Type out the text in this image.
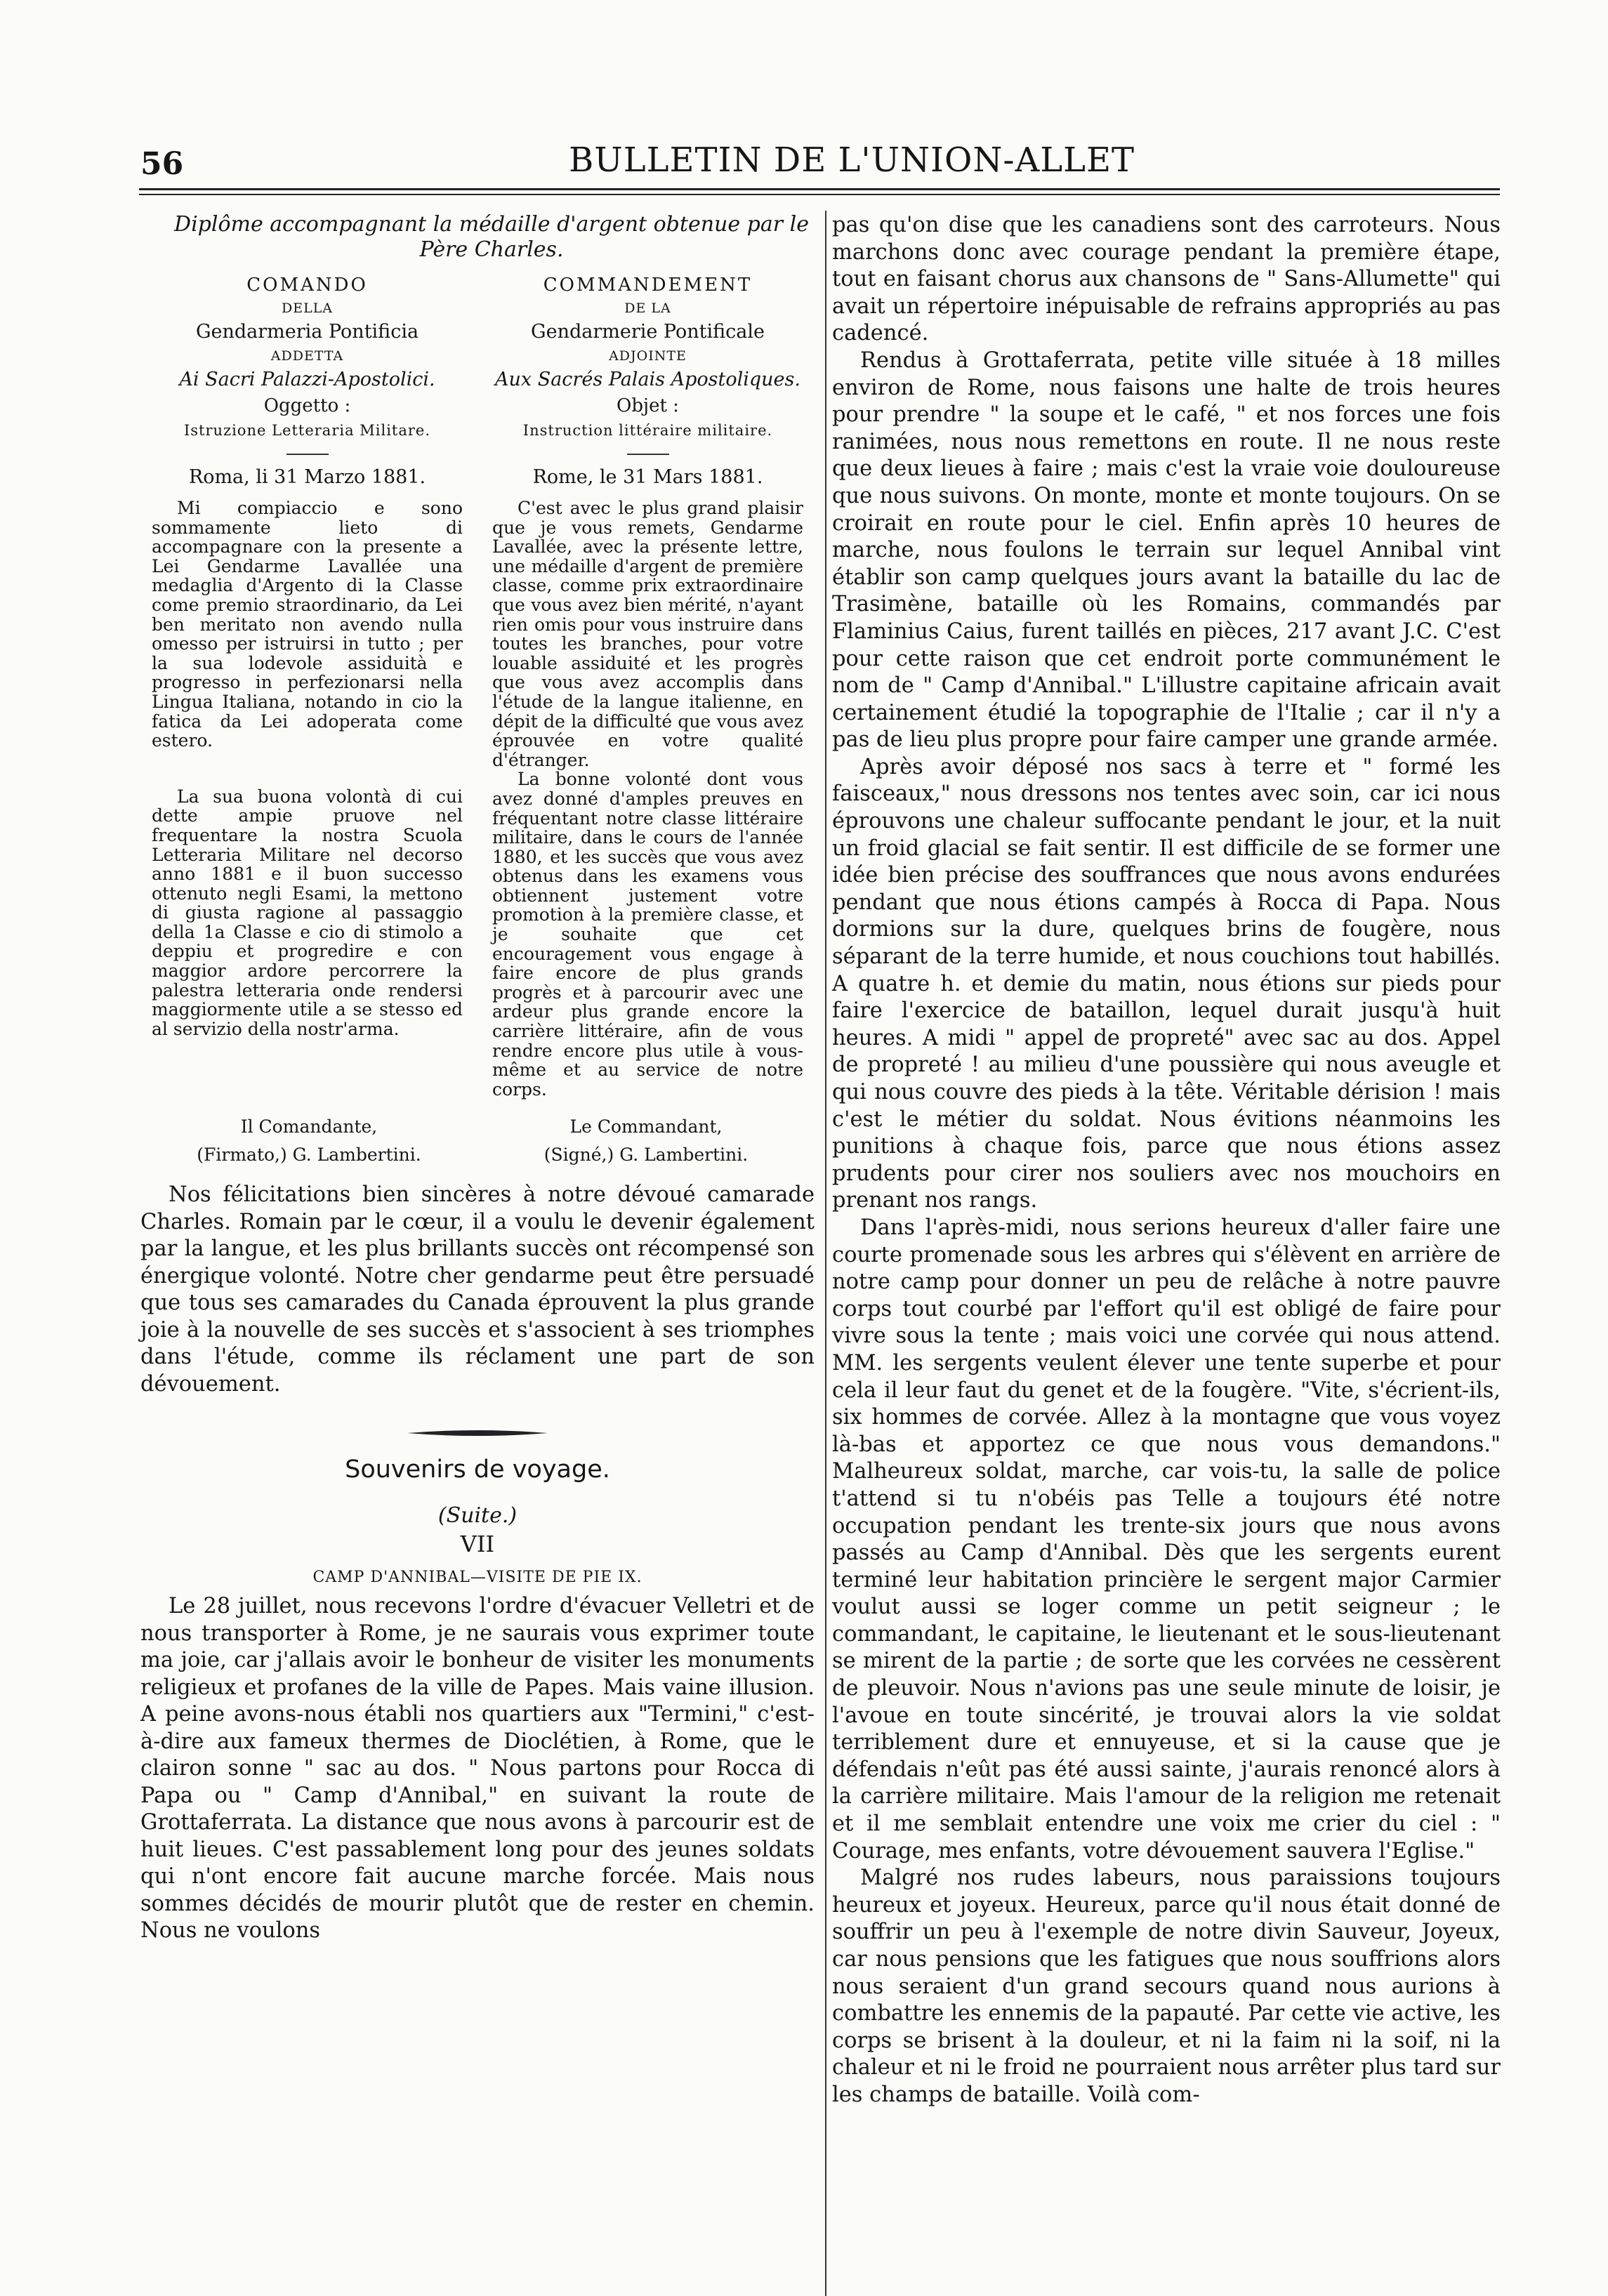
56	BULLETIN DE L'UNION-ALLET

Diplôme accompagnant la médaille d'argent obtenue par le Père Charles.

COMANDO	COMMANDEMENT
DELLA	DE LA
Gendarmeria Pontificia	Gendarmerie Pontificale
ADDETTA	ADJOINTE
Ai Sacri Palazzi-Apostolici.	Aux Sacrés Palais Apostoliques.
Oggetto :	Objet :
Istruzione Letteraria Militare.	Instruction littéraire militaire.
Roma, li 31 Marzo 1881.	Rome, le 31 Mars 1881.

Mi compiaccio e sono sommamente lieto di accompagnare con la presente a Lei Gendarme Lavallée una medaglia d'Argento di la Classe come premio straordinario, da Lei ben meritato non avendo nulla omesso per istruirsi in tutto ; per la sua lodevole assiduità e progresso in perfezionarsi nella Lingua Italiana, notando in cio la fatica da Lei adoperata come estero.

La sua buona volontà di cui dette ampie pruove nel frequentare la nostra Scuola Letteraria Militare nel decorso anno 1881 e il buon successo ottenuto negli Esami, la mettono di giusta ragione al passaggio della 1a Classe e cio di stimolo a deppiu et progredire e con maggior ardore percorrere la palestra letteraria onde rendersi maggiormente utile a se stesso ed al servizio della nostr'arma.

C'est avec le plus grand plaisir que je vous remets, Gendarme Lavallée, avec la présente lettre, une médaille d'argent de première classe, comme prix extraordinaire que vous avez bien mérité, n'ayant rien omis pour vous instruire dans toutes les branches, pour votre louable assiduité et les progrès que vous avez accomplis dans l'étude de la langue italienne, en dépit de la difficulté que vous avez éprouvée en votre qualité d'étranger.

La bonne volonté dont vous avez donné d'amples preuves en fréquentant notre classe littéraire militaire, dans le cours de l'année 1880, et les succès que vous avez obtenus dans les examens vous obtiennent justement votre promotion à la première classe, et je souhaite que cet encouragement vous engage à faire encore de plus grands progrès et à parcourir avec une ardeur plus grande encore la carrière littéraire, afin de vous rendre encore plus utile à vous-même et au service de notre corps.

Il Comandante,	Le Commandant,
(Firmato,) G. Lambertini.	(Signé,) G. Lambertini.

Nos félicitations bien sincères à notre dévoué camarade Charles. Romain par le cœur, il a voulu le devenir également par la langue, et les plus brillants succès ont récompensé son énergique volonté. Notre cher gendarme peut être persuadé que tous ses camarades du Canada éprouvent la plus grande joie à la nouvelle de ses succès et s'associent à ses triomphes dans l'étude, comme ils réclament une part de son dévouement.

Souvenirs de voyage.

(Suite.)

VII

CAMP D'ANNIBAL—VISITE DE PIE IX.

Le 28 juillet, nous recevons l'ordre d'évacuer Velletri et de nous transporter à Rome, je ne saurais vous exprimer toute ma joie, car j'allais avoir le bonheur de visiter les monuments religieux et profanes de la ville de Papes. Mais vaine illusion. A peine avons-nous établi nos quartiers aux "Termini," c'est-à-dire aux fameux thermes de Dioclétien, à Rome, que le clairon sonne " sac au dos. " Nous partons pour Rocca di Papa ou " Camp d'Annibal," en suivant la route de Grottaferrata. La distance que nous avons à parcourir est de huit lieues. C'est passablement long pour des jeunes soldats qui n'ont encore fait aucune marche forcée. Mais nous sommes décidés de mourir plutôt que de rester en chemin. Nous ne voulons

pas qu'on dise que les canadiens sont des carroteurs. Nous marchons donc avec courage pendant la première étape, tout en faisant chorus aux chansons de " Sans-Allumette" qui avait un répertoire inépuisable de refrains appropriés au pas cadencé.

Rendus à Grottaferrata, petite ville située à 18 milles environ de Rome, nous faisons une halte de trois heures pour prendre " la soupe et le café, " et nos forces une fois ranimées, nous nous remettons en route. Il ne nous reste que deux lieues à faire ; mais c'est la vraie voie douloureuse que nous suivons. On monte, monte et monte toujours. On se croirait en route pour le ciel. Enfin après 10 heures de marche, nous foulons le terrain sur lequel Annibal vint établir son camp quelques jours avant la bataille du lac de Trasimène, bataille où les Romains, commandés par Flaminius Caius, furent taillés en pièces, 217 avant J.C. C'est pour cette raison que cet endroit porte communément le nom de " Camp d'Annibal." L'illustre capitaine africain avait certainement étudié la topographie de l'Italie ; car il n'y a pas de lieu plus propre pour faire camper une grande armée.

Après avoir déposé nos sacs à terre et " formé les faisceaux," nous dressons nos tentes avec soin, car ici nous éprouvons une chaleur suffocante pendant le jour, et la nuit un froid glacial se fait sentir. Il est difficile de se former une idée bien précise des souffrances que nous avons endurées pendant que nous étions campés à Rocca di Papa. Nous dormions sur la dure, quelques brins de fougère, nous séparant de la terre humide, et nous couchions tout habillés. A quatre h. et demie du matin, nous étions sur pieds pour faire l'exercice de bataillon, lequel durait jusqu'à huit heures. A midi " appel de propreté" avec sac au dos. Appel de propreté ! au milieu d'une poussière qui nous aveugle et qui nous couvre des pieds à la tête. Véritable dérision ! mais c'est le métier du soldat. Nous évitions néanmoins les punitions à chaque fois, parce que nous étions assez prudents pour cirer nos souliers avec nos mouchoirs en prenant nos rangs.

Dans l'après-midi, nous serions heureux d'aller faire une courte promenade sous les arbres qui s'élèvent en arrière de notre camp pour donner un peu de relâche à notre pauvre corps tout courbé par l'effort qu'il est obligé de faire pour vivre sous la tente ; mais voici une corvée qui nous attend. MM. les sergents veulent élever une tente superbe et pour cela il leur faut du genet et de la fougère. "Vite, s'écrient-ils, six hommes de corvée. Allez à la montagne que vous voyez là-bas et apportez ce que nous vous demandons." Malheureux soldat, marche, car vois-tu, la salle de police t'attend si tu n'obéis pas Telle a toujours été notre occupation pendant les trente-six jours que nous avons passés au Camp d'Annibal. Dès que les sergents eurent terminé leur habitation princière le sergent major Carmier voulut aussi se loger comme un petit seigneur ; le commandant, le capitaine, le lieutenant et le sous-lieutenant se mirent de la partie ; de sorte que les corvées ne cessèrent de pleuvoir. Nous n'avions pas une seule minute de loisir, je l'avoue en toute sincérité, je trouvai alors la vie soldat terriblement dure et ennuyeuse, et si la cause que je défendais n'eût pas été aussi sainte, j'aurais renoncé alors à la carrière militaire. Mais l'amour de la religion me retenait et il me semblait entendre une voix me crier du ciel : " Courage, mes enfants, votre dévouement sauvera l'Eglise."

Malgré nos rudes labeurs, nous paraissions toujours heureux et joyeux. Heureux, parce qu'il nous était donné de souffrir un peu à l'exemple de notre divin Sauveur, Joyeux, car nous pensions que les fatigues que nous souffrions alors nous seraient d'un grand secours quand nous aurions à combattre les ennemis de la papauté. Par cette vie active, les corps se brisent à la douleur, et ni la faim ni la soif, ni la chaleur et ni le froid ne pourraient nous arrêter plus tard sur les champs de bataille. Voilà com-
